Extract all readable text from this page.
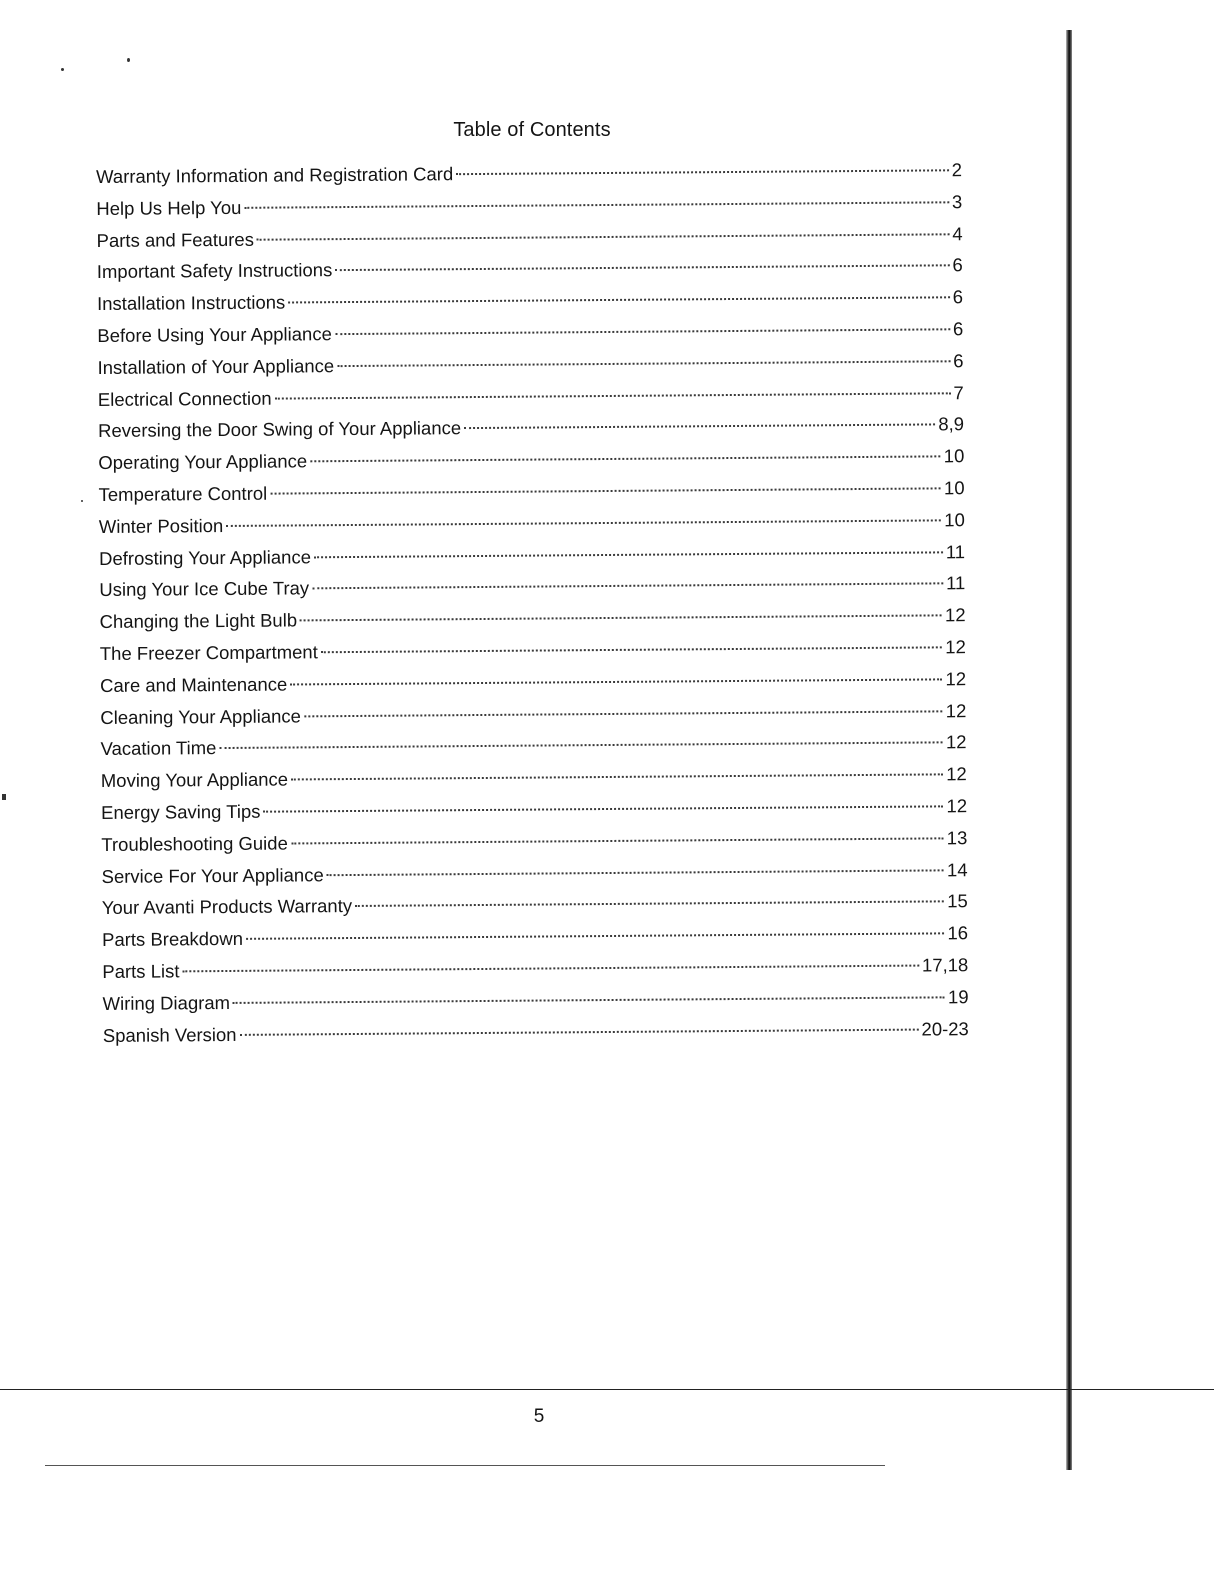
Table of Contents
Warranty Information and Registration Card	2
Help Us Help You	3
Parts and Features	4
Important Safety Instructions	6
Installation Instructions	6
Before Using Your Appliance	6
Installation of Your Appliance	6
Electrical Connection	7
Reversing the Door Swing of Your Appliance	8,9
Operating Your Appliance	10
Temperature Control	10
Winter Position	10
Defrosting Your Appliance	11
Using Your Ice Cube Tray	11
Changing the Light Bulb	12
The Freezer Compartment	12
Care and Maintenance	12
Cleaning Your Appliance	12
Vacation Time	12
Moving Your Appliance	12
Energy Saving Tips	12
Troubleshooting Guide	13
Service For Your Appliance	14
Your Avanti Products Warranty	15
Parts Breakdown	16
Parts List	17,18
Wiring Diagram	19
Spanish Version	20-23
5
